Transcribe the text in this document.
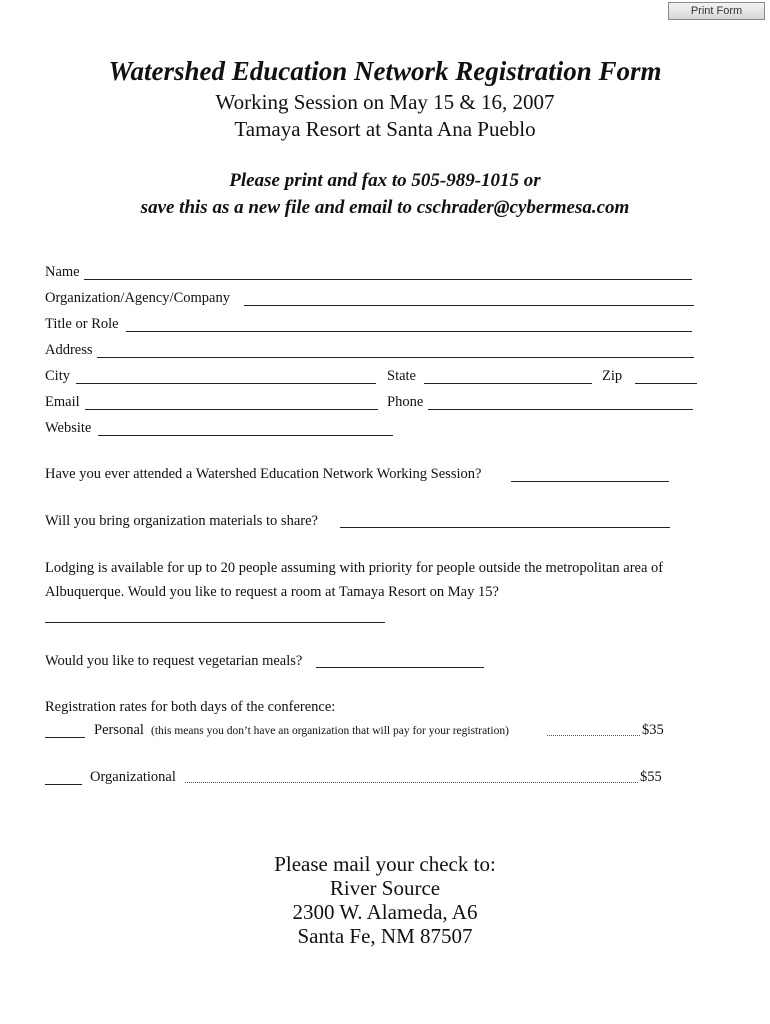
Print Form
Watershed Education Network Registration Form
Working Session on May 15 & 16, 2007
Tamaya Resort at Santa Ana Pueblo
Please print and fax to 505-989-1015 or
save this as a new file and email to cschrader@cybermesa.com
Name
Organization/Agency/Company
Title or Role
Address
City	State	Zip
Email	Phone
Website
Have you ever attended a Watershed Education Network Working Session?
Will you bring organization materials to share?
Lodging is available for up to 20 people assuming with priority for people outside the metropolitan area of
Albuquerque. Would you like to request a room at Tamaya Resort on May 15?
Would you like to request vegetarian meals?
Registration rates for both days of the conference:
Personal (this means you don’t have an organization that will pay for your registration)	$35
Organizational	$55
Please mail your check to:
River Source
2300 W. Alameda, A6
Santa Fe, NM 87507
